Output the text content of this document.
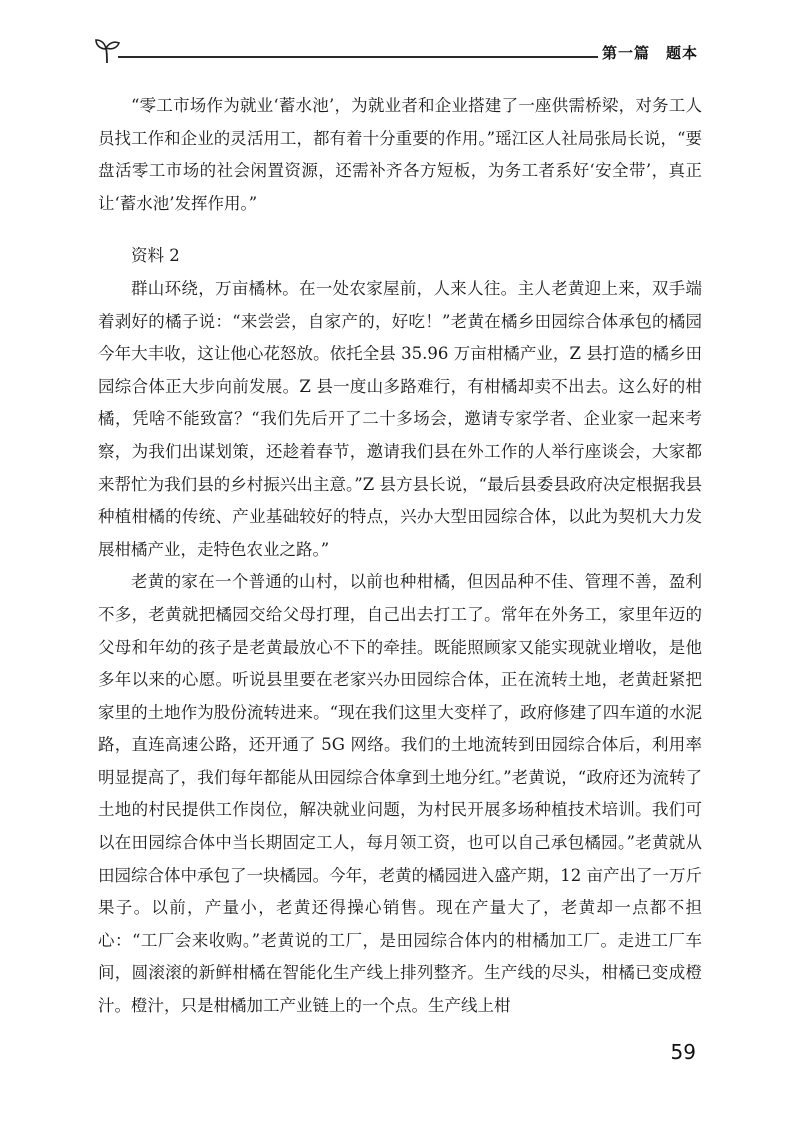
第一篇　题本

“零工市场作为就业‘蓄水池’，为就业者和企业搭建了一座供需桥梁，对务工人员找工作和企业的灵活用工，都有着十分重要的作用。”瑶江区人社局张局长说，“要盘活零工市场的社会闲置资源，还需补齐各方短板，为务工者系好‘安全带’，真正让‘蓄水池’发挥作用。”

资料 2

群山环绕，万亩橘林。在一处农家屋前，人来人往。主人老黄迎上来，双手端着剥好的橘子说：“来尝尝，自家产的，好吃！”老黄在橘乡田园综合体承包的橘园今年大丰收，这让他心花怒放。依托全县 35.96 万亩柑橘产业，Z 县打造的橘乡田园综合体正大步向前发展。Z 县一度山多路难行，有柑橘却卖不出去。这么好的柑橘，凭啥不能致富？“我们先后开了二十多场会，邀请专家学者、企业家一起来考察，为我们出谋划策，还趁着春节，邀请我们县在外工作的人举行座谈会，大家都来帮忙为我们县的乡村振兴出主意。”Z 县方县长说，“最后县委县政府决定根据我县种植柑橘的传统、产业基础较好的特点，兴办大型田园综合体，以此为契机大力发展柑橘产业，走特色农业之路。”

老黄的家在一个普通的山村，以前也种柑橘，但因品种不佳、管理不善，盈利不多，老黄就把橘园交给父母打理，自己出去打工了。常年在外务工，家里年迈的父母和年幼的孩子是老黄最放心不下的牵挂。既能照顾家又能实现就业增收，是他多年以来的心愿。听说县里要在老家兴办田园综合体，正在流转土地，老黄赶紧把家里的土地作为股份流转进来。“现在我们这里大变样了，政府修建了四车道的水泥路，直连高速公路，还开通了 5G 网络。我们的土地流转到田园综合体后，利用率明显提高了，我们每年都能从田园综合体拿到土地分红。”老黄说，“政府还为流转了土地的村民提供工作岗位，解决就业问题，为村民开展多场种植技术培训。我们可以在田园综合体中当长期固定工人，每月领工资，也可以自己承包橘园。”老黄就从田园综合体中承包了一块橘园。今年，老黄的橘园进入盛产期，12 亩产出了一万斤果子。以前，产量小，老黄还得操心销售。现在产量大了，老黄却一点都不担心：“工厂会来收购。”老黄说的工厂，是田园综合体内的柑橘加工厂。走进工厂车间，圆滚滚的新鲜柑橘在智能化生产线上排列整齐。生产线的尽头，柑橘已变成橙汁。橙汁，只是柑橘加工产业链上的一个点。生产线上柑

59
